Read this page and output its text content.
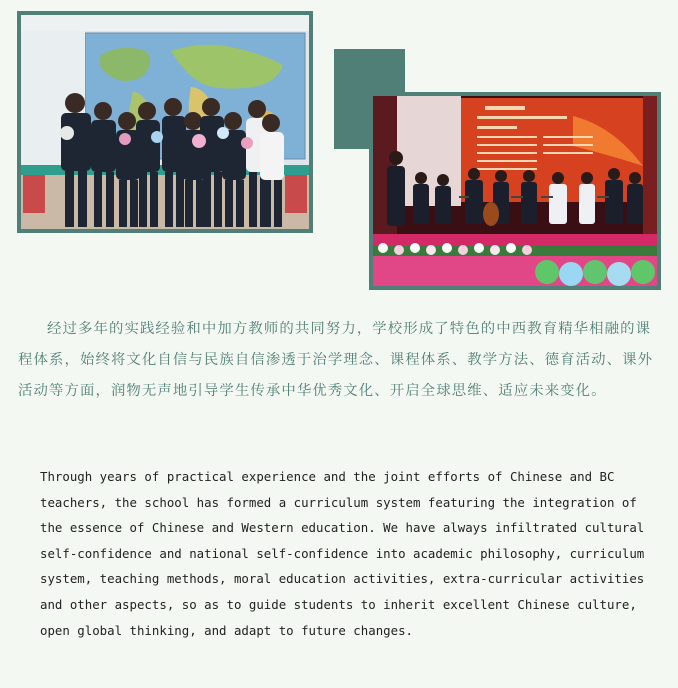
经过多年的实践经验和中加方教师的共同努力，学校形成了特色的中西教育精华相融的课程体系，始终将文化自信与民族自信渗透于治学理念、课程体系、教学方法、德育活动、课外活动等方面，润物无声地引导学生传承中华优秀文化、开启全球思维、适应未来变化。

Through years of practical experience and the joint efforts of Chinese and BC teachers, the school has formed a curriculum system featuring the integration of the essence of Chinese and Western education. We have always infiltrated cultural self-confidence and national self-confidence into academic philosophy, curriculum system, teaching methods, moral education activities, extra-curricular activities and other aspects, so as to guide students to inherit excellent Chinese culture, open global thinking, and adapt to future changes.
